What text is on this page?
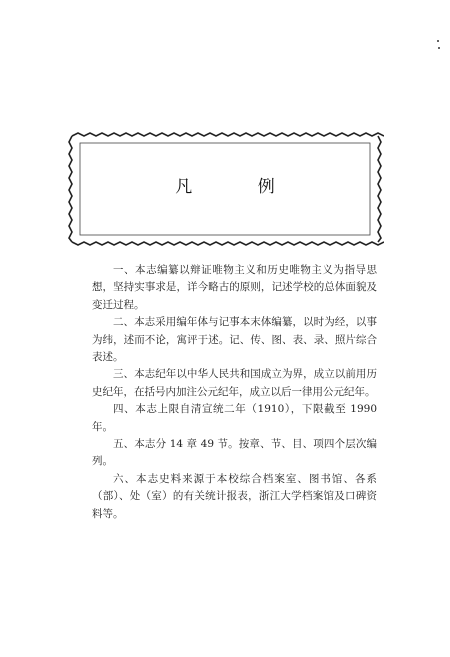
凡 例

一、本志编纂以辩证唯物主义和历史唯物主义为指导思想，坚持实事求是，详今略古的原则，记述学校的总体面貌及变迁过程。

二、本志采用编年体与记事本末体编纂，以时为经，以事为纬，述而不论，寓评于述。记、传、图、表、录、照片综合表述。

三、本志纪年以中华人民共和国成立为界，成立以前用历史纪年，在括号内加注公元纪年，成立以后一律用公元纪年。

四、本志上限自清宣统二年（1910），下限截至 1990 年。

五、本志分 14 章 49 节。按章、节、目、项四个层次编列。

六、本志史料来源于本校综合档案室、图书馆、各系（部）、处（室）的有关统计报表，浙江大学档案馆及口碑资料等。
